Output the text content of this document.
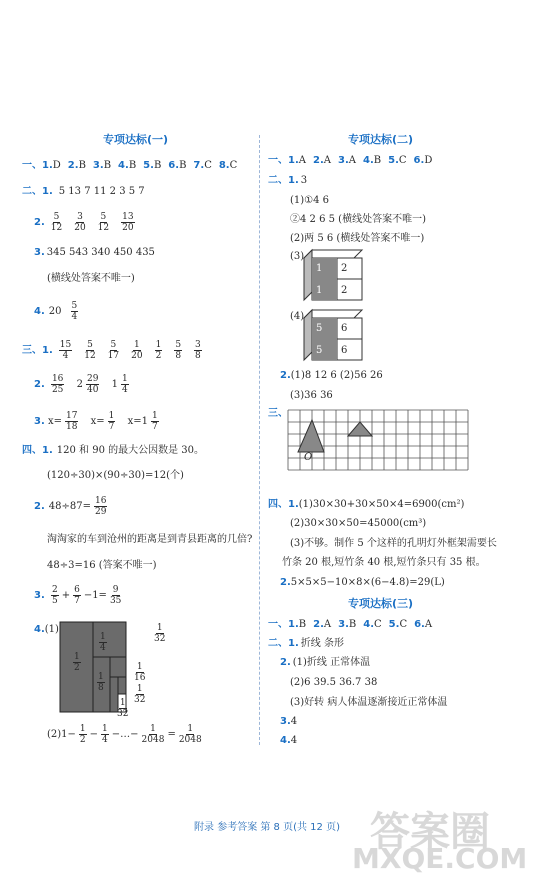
专项达标(一)
一、1.D 2.B 3.B 4.B 5.B 6.B 7.C 8.C
二、1. 5 13 7 11 2 3 5 7
2. $\frac{5}{12} \frac{3}{20} \frac{5}{12} \frac{13}{20}$
3. 345 543 340 450 435
(横线处答案不唯一)
4. $20 \frac{5}{4}$
三、1. $\frac{15}{4} \frac{5}{12} \frac{5}{17} \frac{1}{20} \frac{1}{2} \frac{5}{8} \frac{3}{8}$
2. $\frac{16}{25} 2 \frac{29}{40} 1 \frac{1}{4}$
3. $x= \frac{17}{18} x= \frac{1}{7} x=1 \frac{1}{7}$
四、1. 120 和 90 的最大公因数是 30。
(120÷30)×(90÷30)=12(个)
2. $48\div 87= \frac{16}{29}$
淘淘家的车到沧州的距离是到青县距离的几倍?
48÷3=16 (答案不唯一)
3. $\frac{2}{5} + \frac{6}{7} -1= \frac{9}{35}$
4.(1)
$\frac{1}{2}$
$\frac{1}{4}$
$\frac{1}{8}$	$\frac{1}{16}$
$\frac{1}{32}$
$\frac{1}{32}$
$\frac{1}{32}$
$(2)1- \frac{1}{2} - \frac{1}{4}$ −…− $\frac{1}{2048} = \frac{1}{2048}$
专项达标(二)
一、1.A 2.A 3.A 4.B 5.C 6.D
二、1. 3
(1)①4 6
②4 2 6 5 (横线处答案不唯一)
(2)两 5 6 (横线处答案不唯一)
(3)
(4)
2
2
1
1
6
6
5
5
2.(1)8 12 6 (2)56 26
(3)36 36
三、
O
四、1.(1)30×30+30×50×4=6900(cm²)
(2)30×30×50=45000(cm³)
(3)不够。制作 5 个这样的孔明灯外框架需要长
竹条 20 根,短竹条 40 根,短竹条只有 35 根。
2.5×5×5−10×8×(6−4.8)=29(L)
专项达标(三)
一、1.B 2.A 3.B 4.C 5.C 6.A
二、1. 折线 条形
2. (1)折线 正常体温
(2)6 39.5 36.7 38
(3)好转 病人体温逐渐接近正常体温
3.4
4.4
附录 参考答案 第 8 页(共 12 页) 答案圈
MXQE.COM
